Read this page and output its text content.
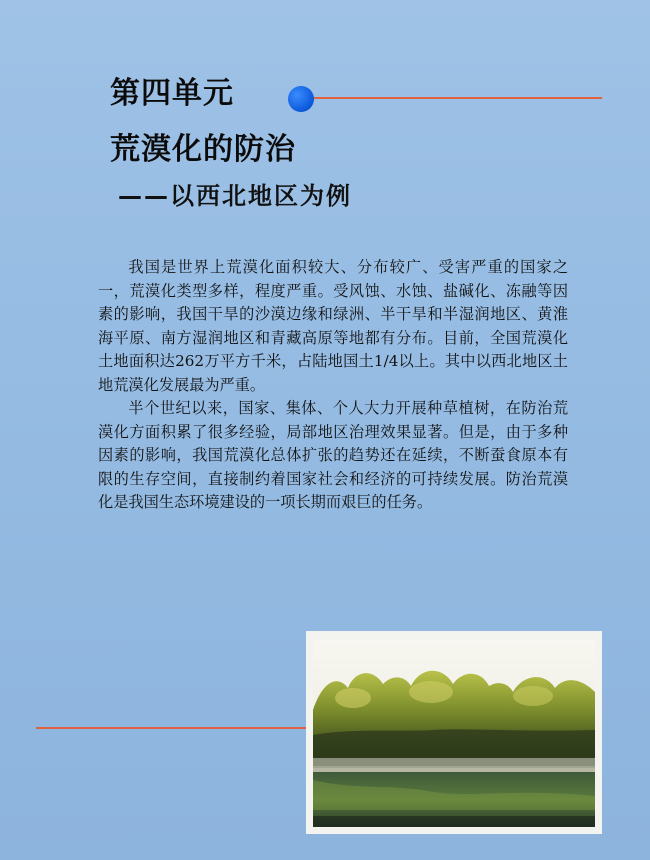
第四单元
荒漠化的防治
——以西北地区为例

我国是世界上荒漠化面积较大、分布较广、受害严重的国家之一，荒漠化类型多样，程度严重。受风蚀、水蚀、盐碱化、冻融等因素的影响，我国干旱的沙漠边缘和绿洲、半干旱和半湿润地区、黄淮海平原、南方湿润地区和青藏高原等地都有分布。目前，全国荒漠化土地面积达262万平方千米，占陆地国土1/4以上。其中以西北地区土地荒漠化发展最为严重。

半个世纪以来，国家、集体、个人大力开展种草植树，在防治荒漠化方面积累了很多经验，局部地区治理效果显著。但是，由于多种因素的影响，我国荒漠化总体扩张的趋势还在延续，不断蚕食原本有限的生存空间，直接制约着国家社会和经济的可持续发展。防治荒漠化是我国生态环境建设的一项长期而艰巨的任务。
